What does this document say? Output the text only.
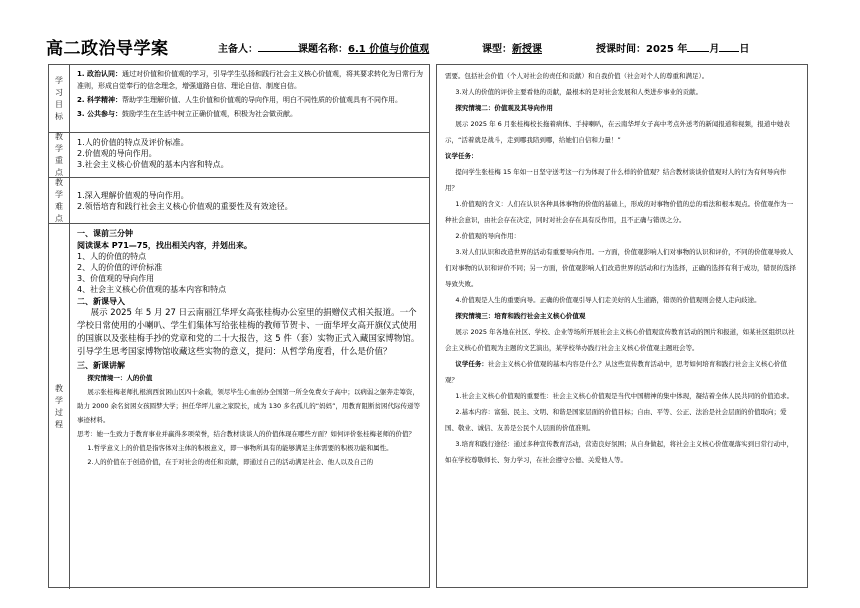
高二政治导学案	主备人：	课题名称：6.1 价值与价值观	课型：新授课	授课时间：2025 年 月 日
学习目标
1. 政治认同：通过对价值和价值观的学习，引导学生弘扬和践行社会主义核心价值观，将其要求转化为日常行为准则，形成自觉奉行的信念理念，增强道路自信、理论自信、制度自信。
2. 科学精神：帮助学生理解价值、人生价值和价值观的导向作用，明白不同性质的价值观具有不同作用。
3. 公共参与：鼓励学生在生活中树立正确价值观，积极为社会做贡献。
教学重点
1.人的价值的特点及评价标准。
2.价值观的导向作用。
3.社会主义核心价值观的基本内容和特点。
教学难点
1.深入理解价值观的导向作用。
2.领悟培育和践行社会主义核心价值观的重要性及有效途径。
教学过程
一、课前三分钟
阅读课本 P71—75，找出相关内容，并划出来。
1、人的价值的特点
2、人的价值的评价标准
3、价值观的导向作用
4、社会主义核心价值观的基本内容和特点
二、新课导入
展示 2025 年 5 月 27 日云南丽江华坪女高张桂梅办公室里的捐赠仪式相关报道。一个学校日常使用的小喇叭、学生们集体写给张桂梅的教师节贺卡、一面华坪女高开旗仪式使用的国旗以及张桂梅手抄的党章和党的二十大报告，这 5 件（套）实物正式入藏国家博物馆。
引导学生思考国家博物馆收藏这些实物的意义，提问：从哲学角度看，什么是价值？
三、新课讲解
探究情境一：人的价值
展示张桂梅老师扎根滇西贫困山区四十余载，领尽毕生心血创办全国第一所全免费女子高中；以病弱之躯奔走筹资，助力 2000 余名贫困女孩圆梦大学；担任华坪儿童之家院长，成为 130 多名孤儿的“妈妈”，用教育阻断贫困代际传递等事迹材料。
思考：她一生致力于教育事业并赢得多项荣誉，结合教材谈谈人的价值体现在哪些方面？如何评价张桂梅老师的价值？
1.哲学意义上的价值是指客体对主体的积极意义，即一事物所具有的能够满足主体需要的积极功能和属性。
2.人的价值在于创造价值，在于对社会的责任和贡献，即通过自己的活动满足社会、他人以及自己的
需要。包括社会价值（个人对社会的责任和贡献）和自我价值（社会对个人的尊重和满足）。
3.对人的价值的评价主要看他的贡献，最根本的是对社会发展和人类进步事业的贡献。
探究情境二：价值观及其导向作用
展示 2025 年 6 月张桂梅校长拖着病体、手持喇叭，在云南华坪女子高中考点外送考的新闻报道和视频，报道中她表示，“活着就是战斗，走到哪我陪到哪，给她们自信和力量！”
议学任务：
提问学生张桂梅 15 年如一日坚守送考这一行为体现了什么样的价值观？结合教材谈谈价值观对人的行为有何导向作用？
1.价值观的含义：人们在认识各种具体事物的价值的基础上，形成的对事物价值的总的看法和根本观点。价值观作为一种社会意识，由社会存在决定，同时对社会存在具有反作用，且不正确与错误之分。
2.价值观的导向作用：
3.对人们认识和改造世界的活动有重要导向作用。一方面，价值观影响人们对事物的认识和评价，不同的价值观导致人们对事物的认识和评价不同；另一方面，价值观影响人们改造世界的活动和行为选择，正确的选择有利于成功，错误的选择导致失败。
4.价值观是人生的重要向导。正确的价值观引导人们走美好的人生道路，错误的价值观则会使人走向歧途。
探究情境三：培育和践行社会主义核心价值观
展示 2025 年各地在社区、学校、企业等场所开展社会主义核心价值观宣传教育活动的图片和报道，如某社区组织以社会主义核心价值观为主题的文艺演出，某学校举办践行社会主义核心价值观主题班会等。
议学任务：社会主义核心价值观的基本内容是什么？从这些宣传教育活动中，思考如何培育和践行社会主义核心价值观？
1.社会主义核心价值观的重要性：社会主义核心价值观是当代中国精神的集中体现，凝结着全体人民共同的价值追求。
2.基本内容：富强、民主、文明、和谐是国家层面的价值目标；自由、平等、公正、法治是社会层面的价值取向；爱国、敬业、诚信、友善是公民个人层面的价值准则。
3.培育和践行途径：通过多种宣传教育活动，营造良好氛围；从自身做起，将社会主义核心价值观落实到日常行动中，如在学校尊敬师长、努力学习，在社会遵守公德、关爱他人等。
